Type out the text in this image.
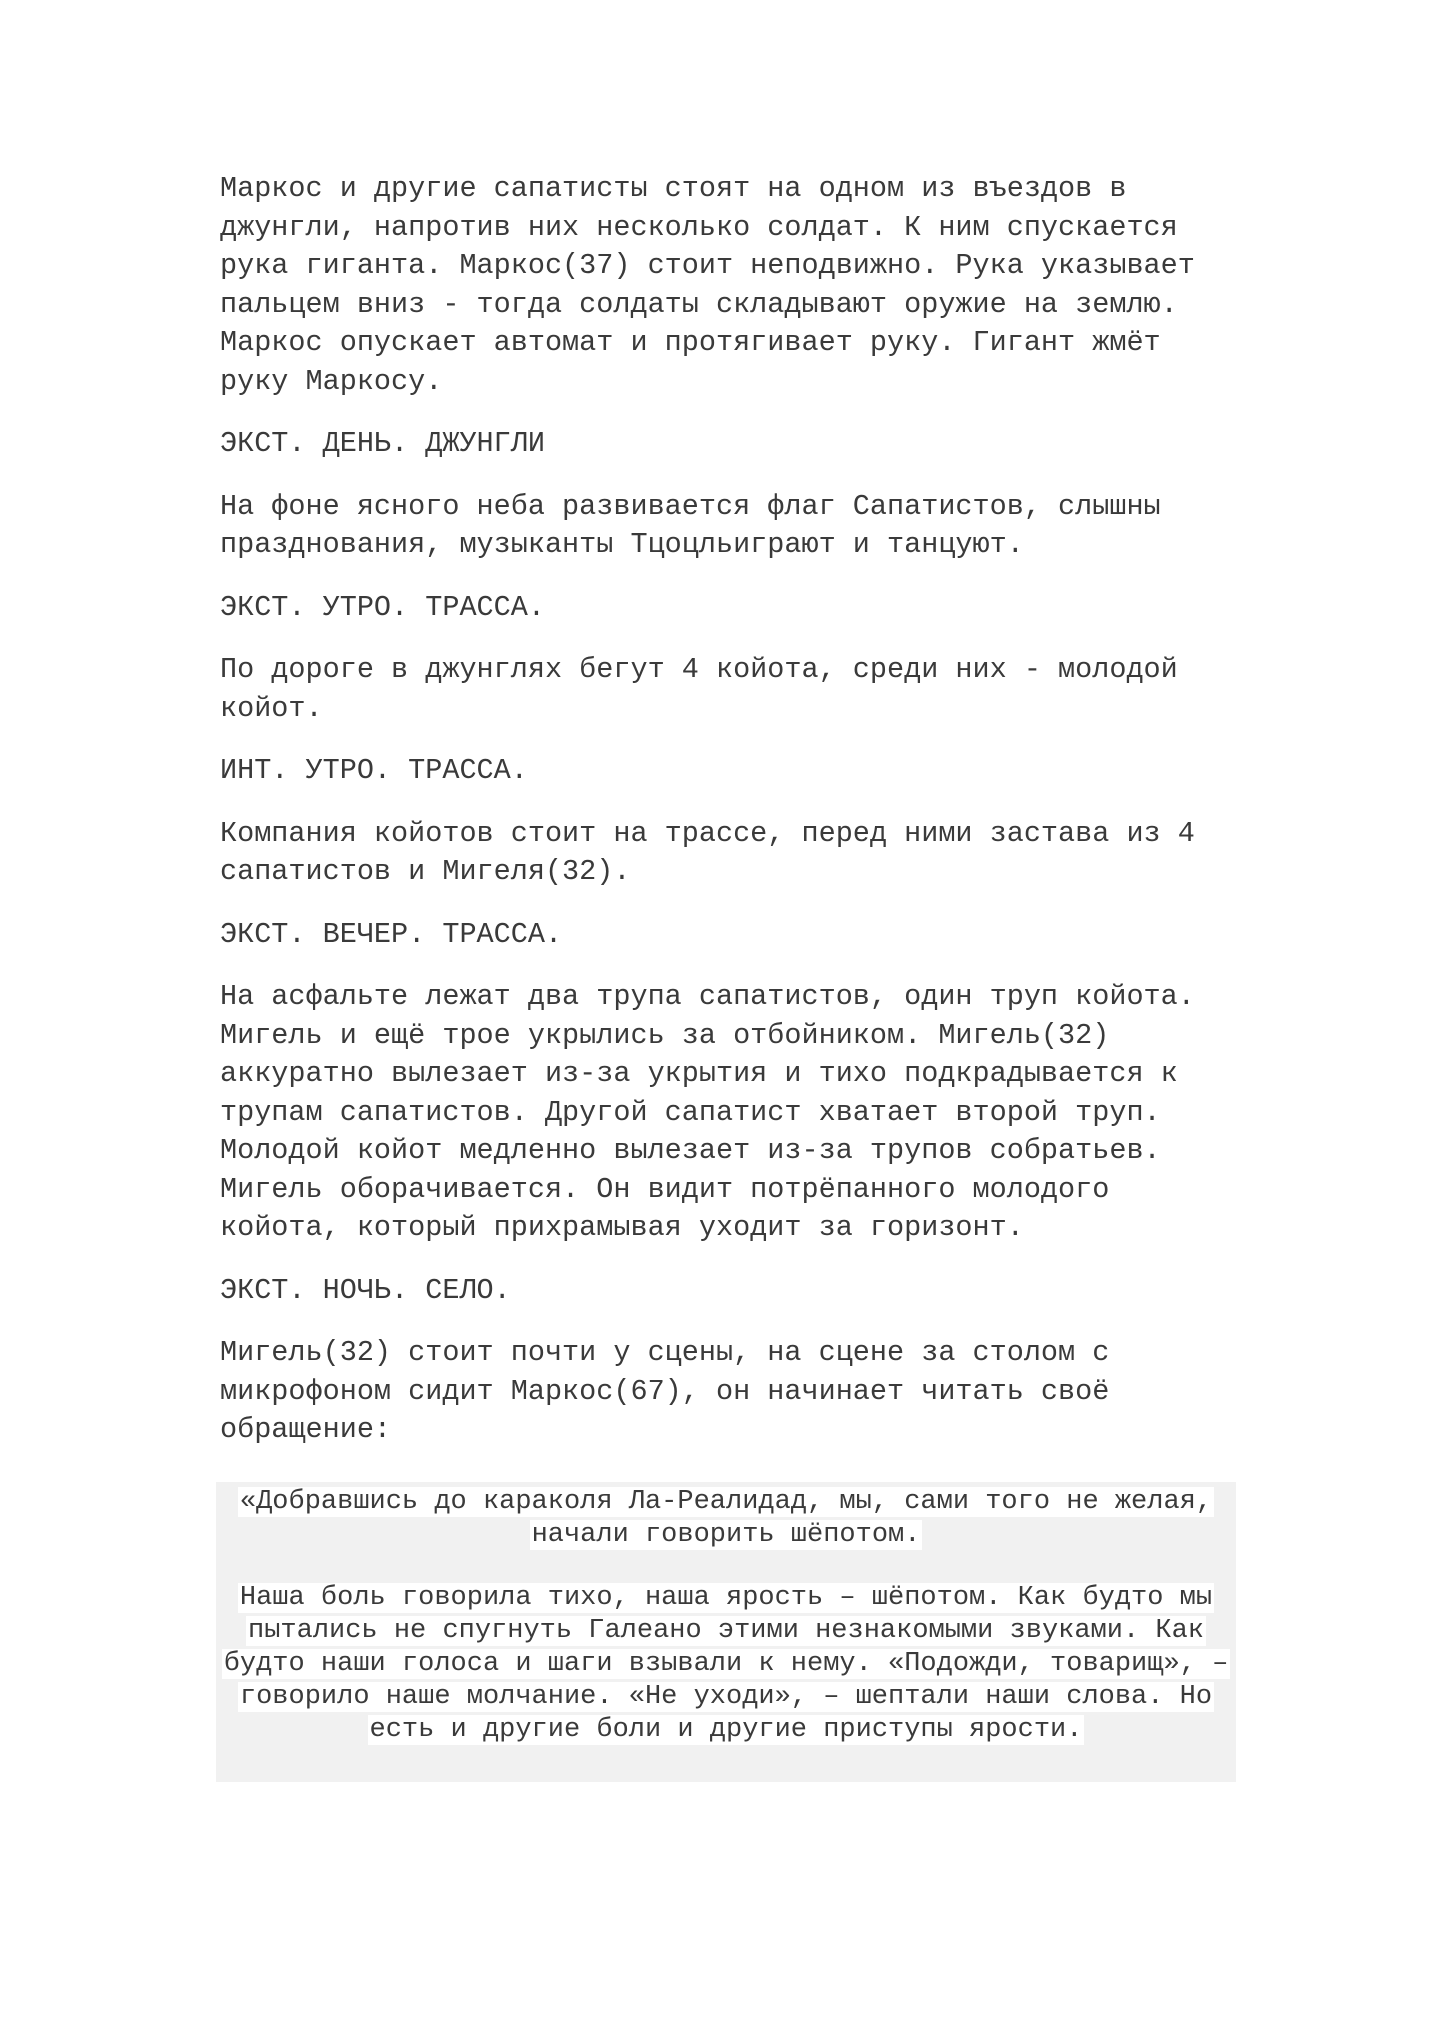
Маркос и другие сапатисты стоят на одном из въездов в джунгли, напротив них несколько солдат. К ним спускается рука гиганта. Маркос(37) стоит неподвижно. Рука указывает пальцем вниз - тогда солдаты складывают оружие на землю. Маркос опускает автомат и протягивает руку. Гигант жмёт руку Маркосу.

ЭКСТ. ДЕНЬ. ДЖУНГЛИ

На фоне ясного неба развивается флаг Сапатистов, слышны празднования, музыканты Тцоцльиграют и танцуют.

ЭКСТ. УТРО. ТРАССА.

По дороге в джунглях бегут 4 койота, среди них - молодой койот.

ИНТ. УТРО. ТРАССА.

Компания койотов стоит на трассе, перед ними застава из 4 сапатистов и Мигеля(32).

ЭКСТ. ВЕЧЕР. ТРАССА.

На асфальте лежат два трупа сапатистов, один труп койота. Мигель и ещё трое укрылись за отбойником. Мигель(32) аккуратно вылезает из-за укрытия и тихо подкрадывается к трупам сапатистов. Другой сапатист хватает второй труп. Молодой койот медленно вылезает из-за трупов собратьев. Мигель оборачивается. Он видит потрёпанного молодого койота, который прихрамывая уходит за горизонт.

ЭКСТ. НОЧЬ. СЕЛО.

Мигель(32) стоит почти у сцены, на сцене за столом с микрофоном сидит Маркос(67), он начинает читать своё обращение:

«Добравшись до караколя Ла-Реалидад, мы, сами того не желая, начали говорить шёпотом.
Наша боль говорила тихо, наша ярость – шёпотом. Как будто мы пытались не спугнуть Галеано этими незнакомыми звуками. Как будто наши голоса и шаги взывали к нему. «Подожди, товарищ», – говорило наше молчание. «Не уходи», – шептали наши слова. Но есть и другие боли и другие приступы ярости.
